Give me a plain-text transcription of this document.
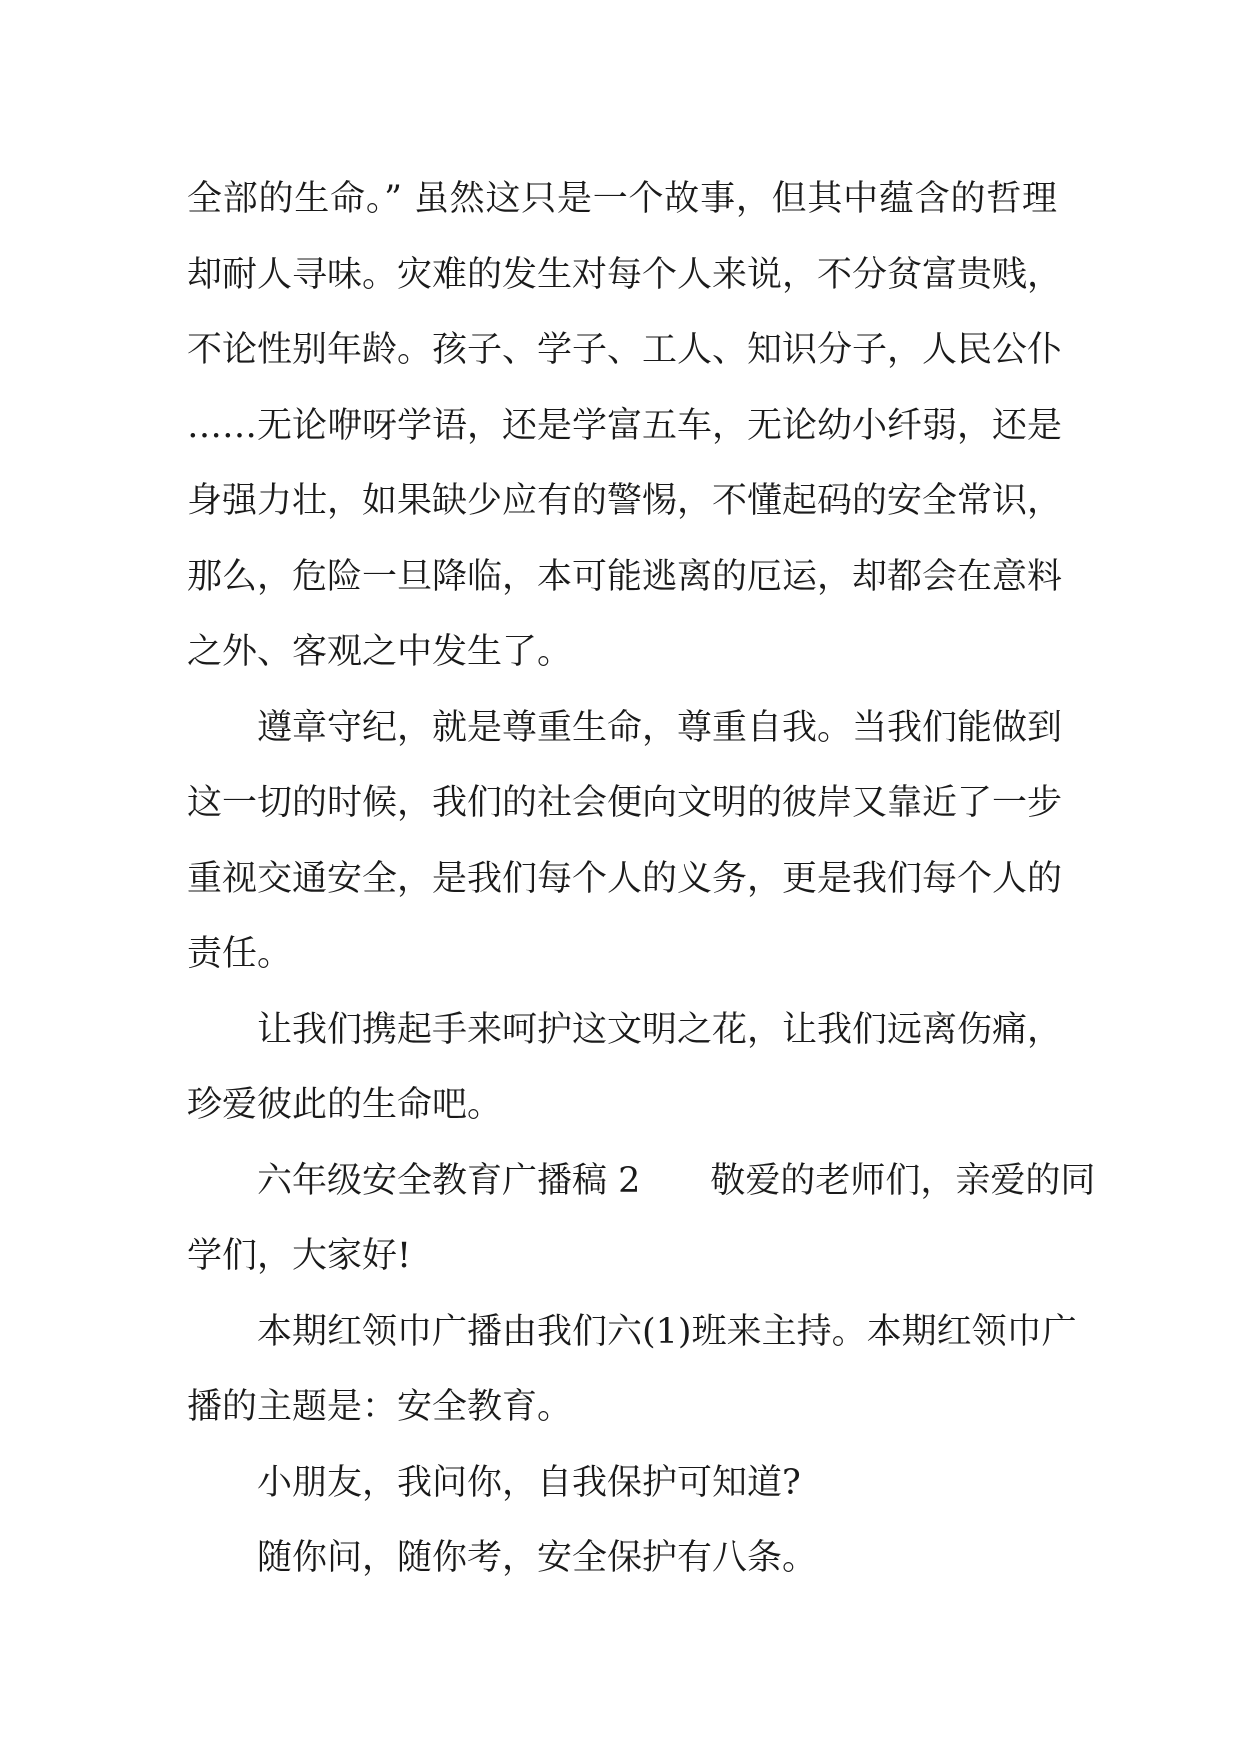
全部的生命。” 虽然这只是一个故事，但其中蕴含的哲理
却耐人寻味。灾难的发生对每个人来说，不分贫富贵贱，
不论性别年龄。孩子、学子、工人、知识分子，人民公仆
……无论咿呀学语，还是学富五车，无论幼小纤弱，还是
身强力壮，如果缺少应有的警惕，不懂起码的安全常识，
那么，危险一旦降临，本可能逃离的厄运，却都会在意料
之外、客观之中发生了。
遵章守纪，就是尊重生命，尊重自我。当我们能做到
这一切的时候，我们的社会便向文明的彼岸又靠近了一步
重视交通安全，是我们每个人的义务，更是我们每个人的
责任。
让我们携起手来呵护这文明之花，让我们远离伤痛，
珍爱彼此的生命吧。
六年级安全教育广播稿 2 敬爱的老师们，亲爱的同
学们，大家好!
本期红领巾广播由我们六(1)班来主持。本期红领巾广
播的主题是：安全教育。
小朋友，我问你，自我保护可知道?
随你问，随你考，安全保护有八条。
